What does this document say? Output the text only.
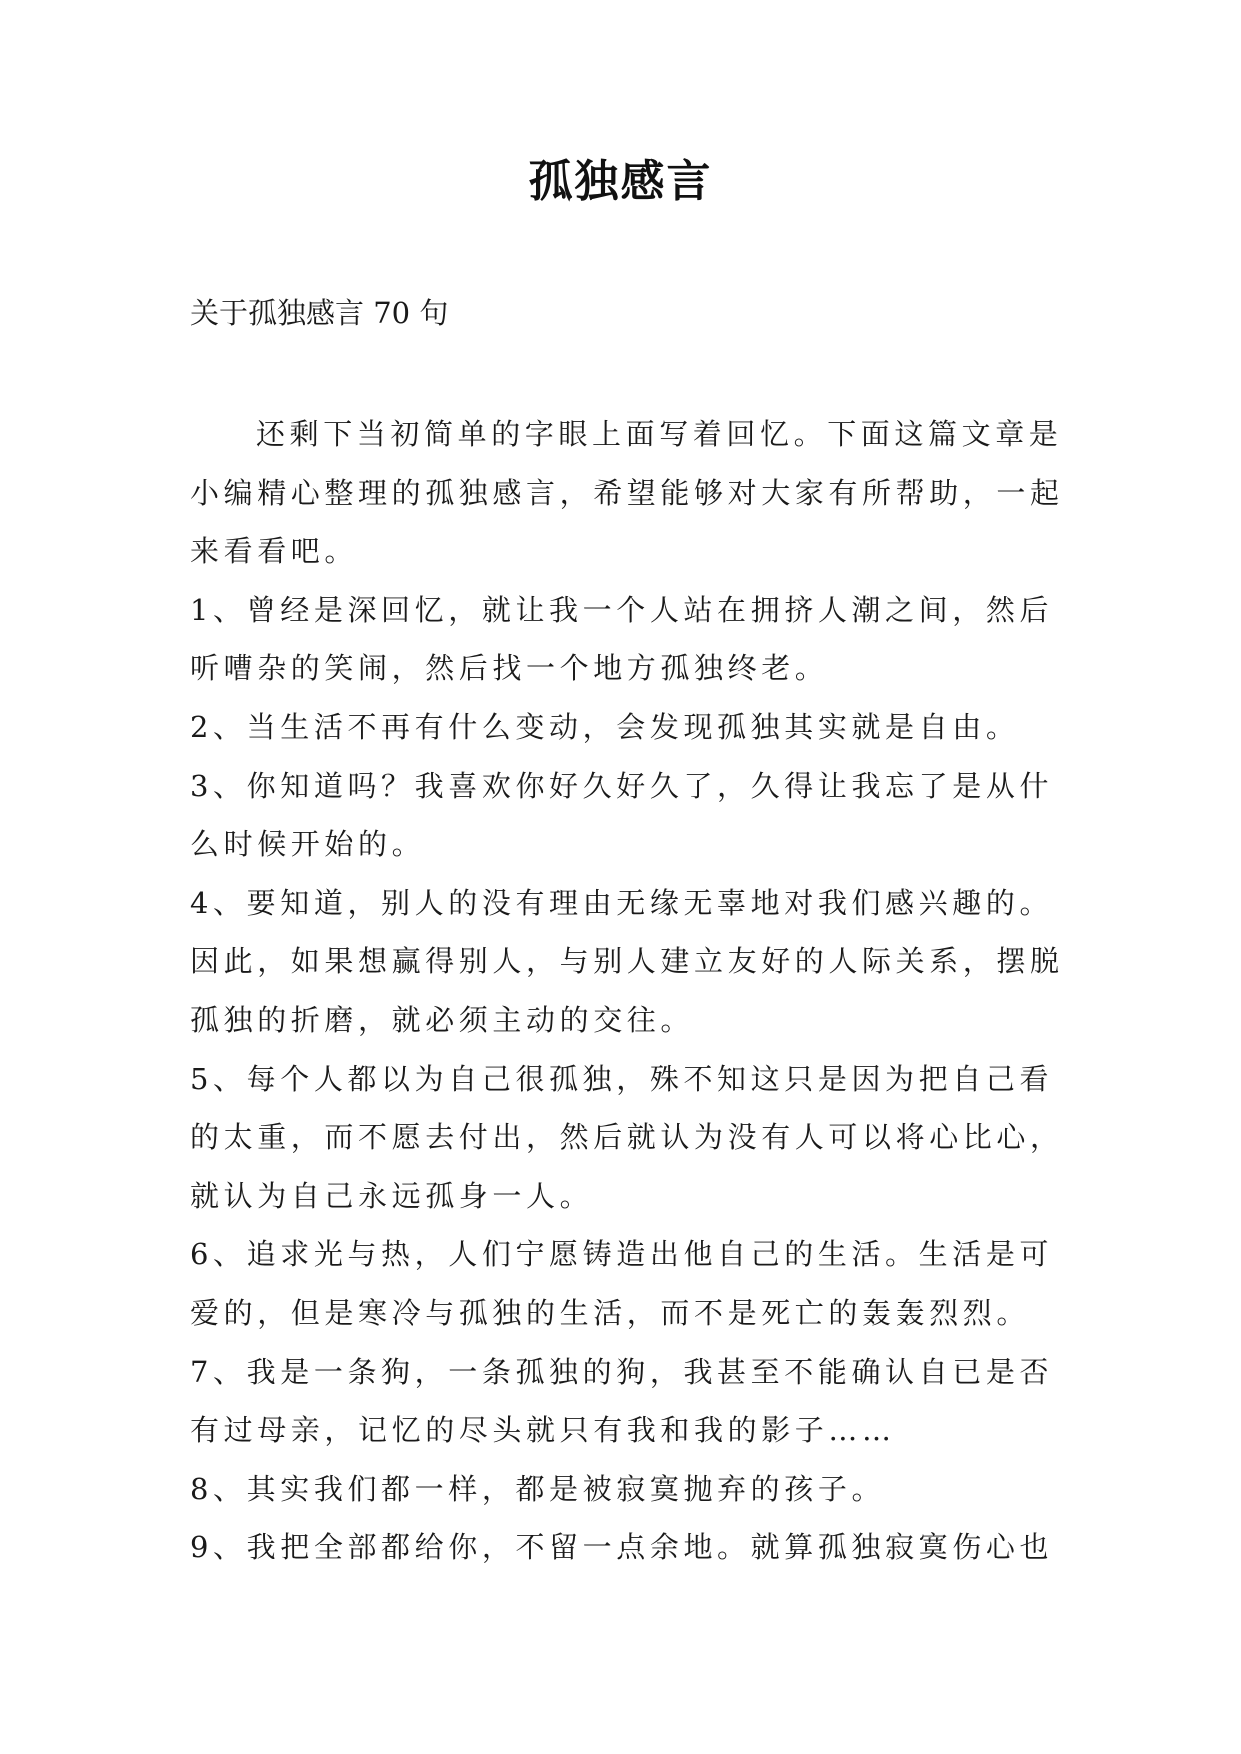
孤独感言
关于孤独感言 70 句

还剩下当初简单的字眼上面写着回忆。下面这篇文章是小编精心整理的孤独感言，希望能够对大家有所帮助，一起来看看吧。

1、曾经是深回忆，就让我一个人站在拥挤人潮之间，然后听嘈杂的笑闹，然后找一个地方孤独终老。

2、当生活不再有什么变动，会发现孤独其实就是自由。

3、你知道吗？我喜欢你好久好久了，久得让我忘了是从什么时候开始的。

4、要知道，别人的没有理由无缘无辜地对我们感兴趣的。因此，如果想赢得别人，与别人建立友好的人际关系，摆脱孤独的折磨，就必须主动的交往。

5、每个人都以为自己很孤独，殊不知这只是因为把自己看的太重，而不愿去付出，然后就认为没有人可以将心比心，就认为自己永远孤身一人。

6、追求光与热，人们宁愿铸造出他自己的生活。生活是可爱的，但是寒冷与孤独的生活，而不是死亡的轰轰烈烈。

7、我是一条狗，一条孤独的狗，我甚至不能确认自已是否有过母亲，记忆的尽头就只有我和我的影子……

8、其实我们都一样，都是被寂寞抛弃的孩子。

9、我把全部都给你，不留一点余地。就算孤独寂寞伤心也
